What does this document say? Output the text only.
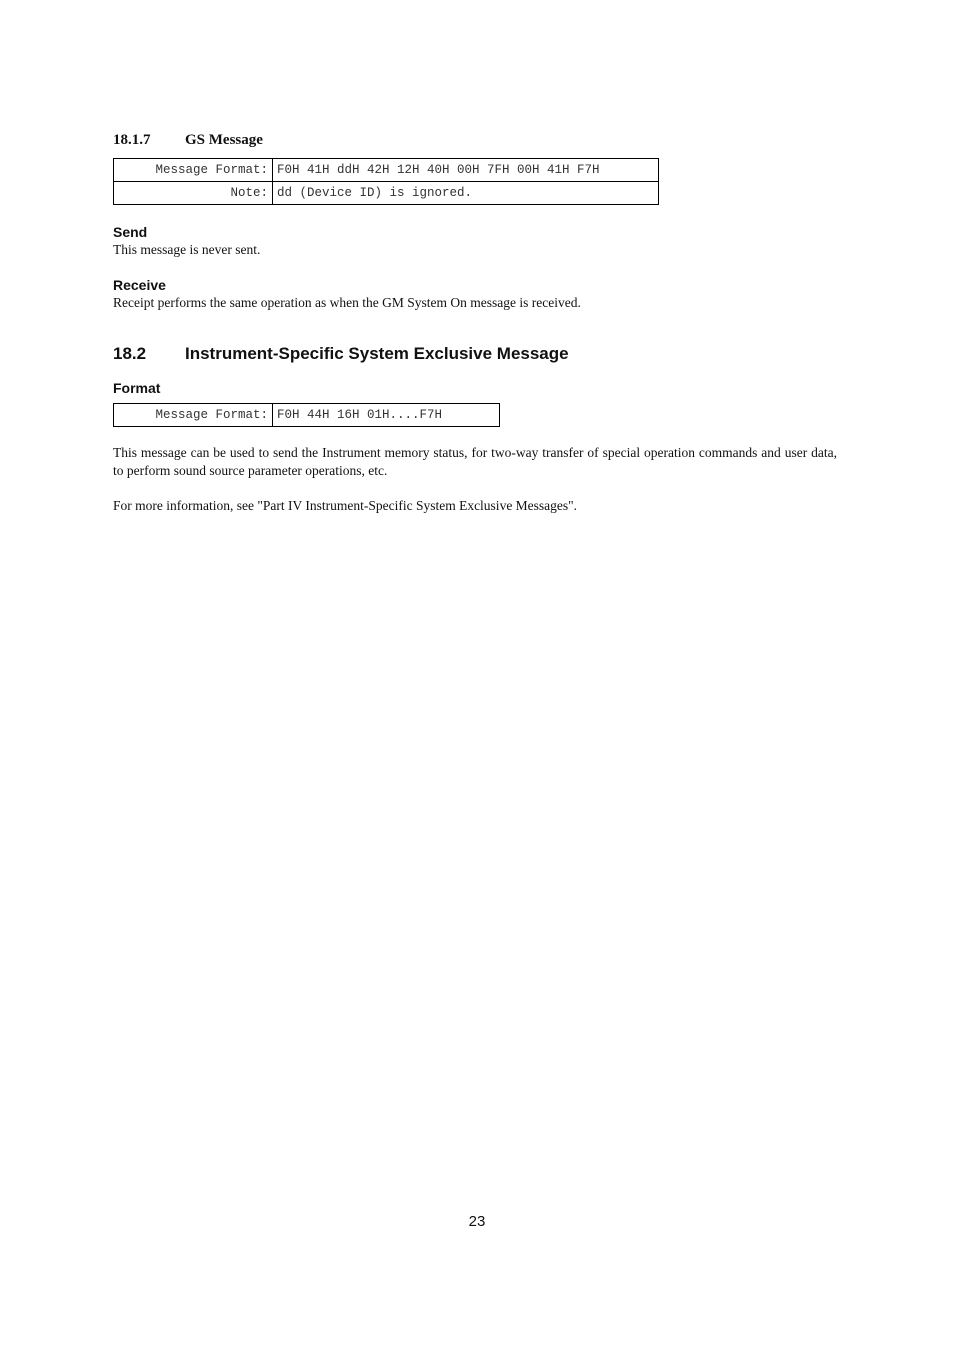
18.1.7 GS Message
Message Format:	F0H 41H ddH 42H 12H 40H 00H 7FH 00H 41H F7H
Note:	dd (Device ID) is ignored.
Send
This message is never sent.
Receive
Receipt performs the same operation as when the GM System On message is received.
18.2 Instrument-Specific System Exclusive Message
Format
Message Format:	F0H 44H 16H 01H....F7H
This message can be used to send the Instrument memory status, for two-way transfer of special operation commands and user data, to perform sound source parameter operations, etc.
For more information, see "Part IV Instrument-Specific System Exclusive Messages".
23
